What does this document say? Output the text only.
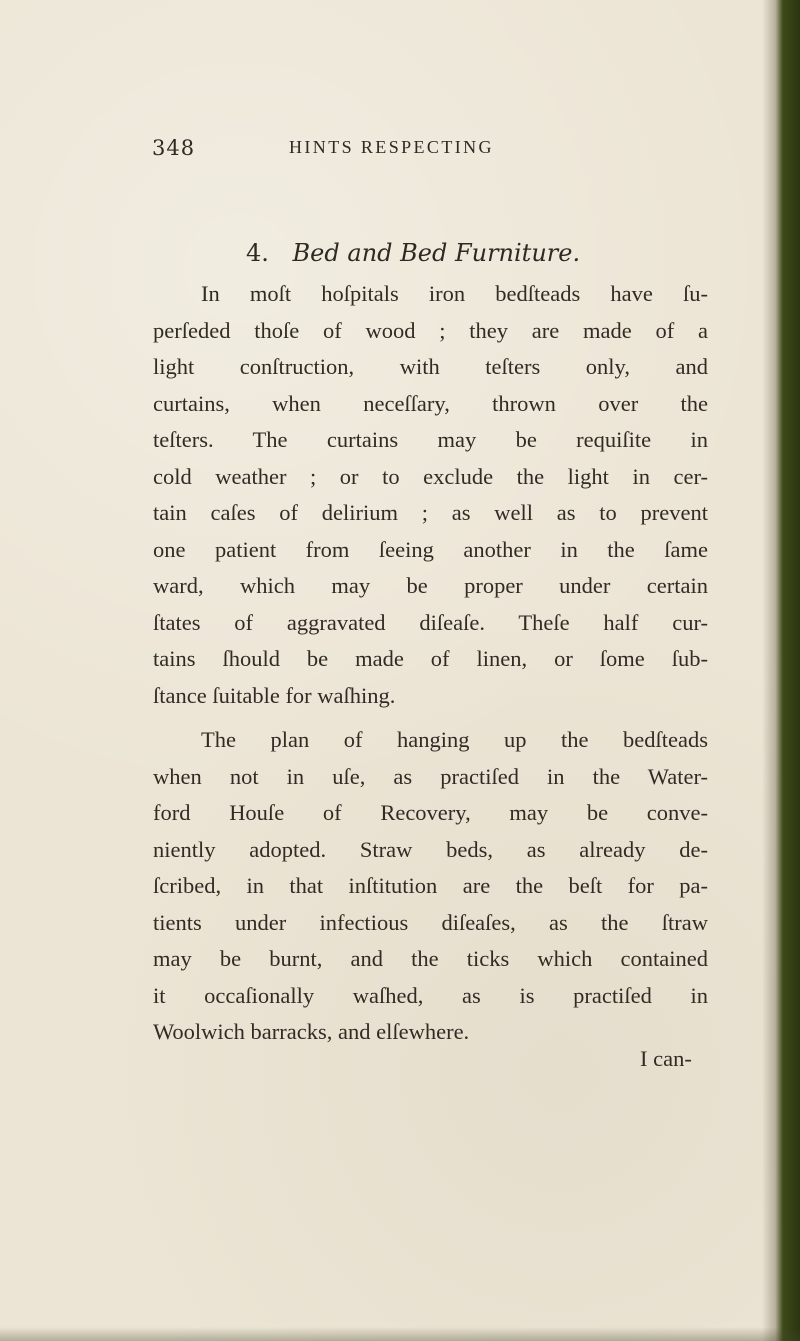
348	HINTS RESPECTING
4. Bed and Bed Furniture.
In moſt hoſpitals iron bedſteads have ſu-
perſeded thoſe of wood ; they are made of a
light conſtruction, with teſters only, and
curtains, when neceſſary, thrown over the
teſters. The curtains may be requiſite in
cold weather ; or to exclude the light in cer-
tain caſes of delirium ; as well as to prevent
one patient from ſeeing another in the ſame
ward, which may be proper under certain
ſtates of aggravated diſeaſe. Theſe half cur-
tains ſhould be made of linen, or ſome ſub-
ſtance ſuitable for waſhing.
The plan of hanging up the bedſteads
when not in uſe, as practiſed in the Water-
ford Houſe of Recovery, may be conve-
niently adopted. Straw beds, as already de-
ſcribed, in that inſtitution are the beſt for pa-
tients under infectious diſeaſes, as the ſtraw
may be burnt, and the ticks which contained
it occaſionally waſhed, as is practiſed in
Woolwich barracks, and elſewhere.
I can-
